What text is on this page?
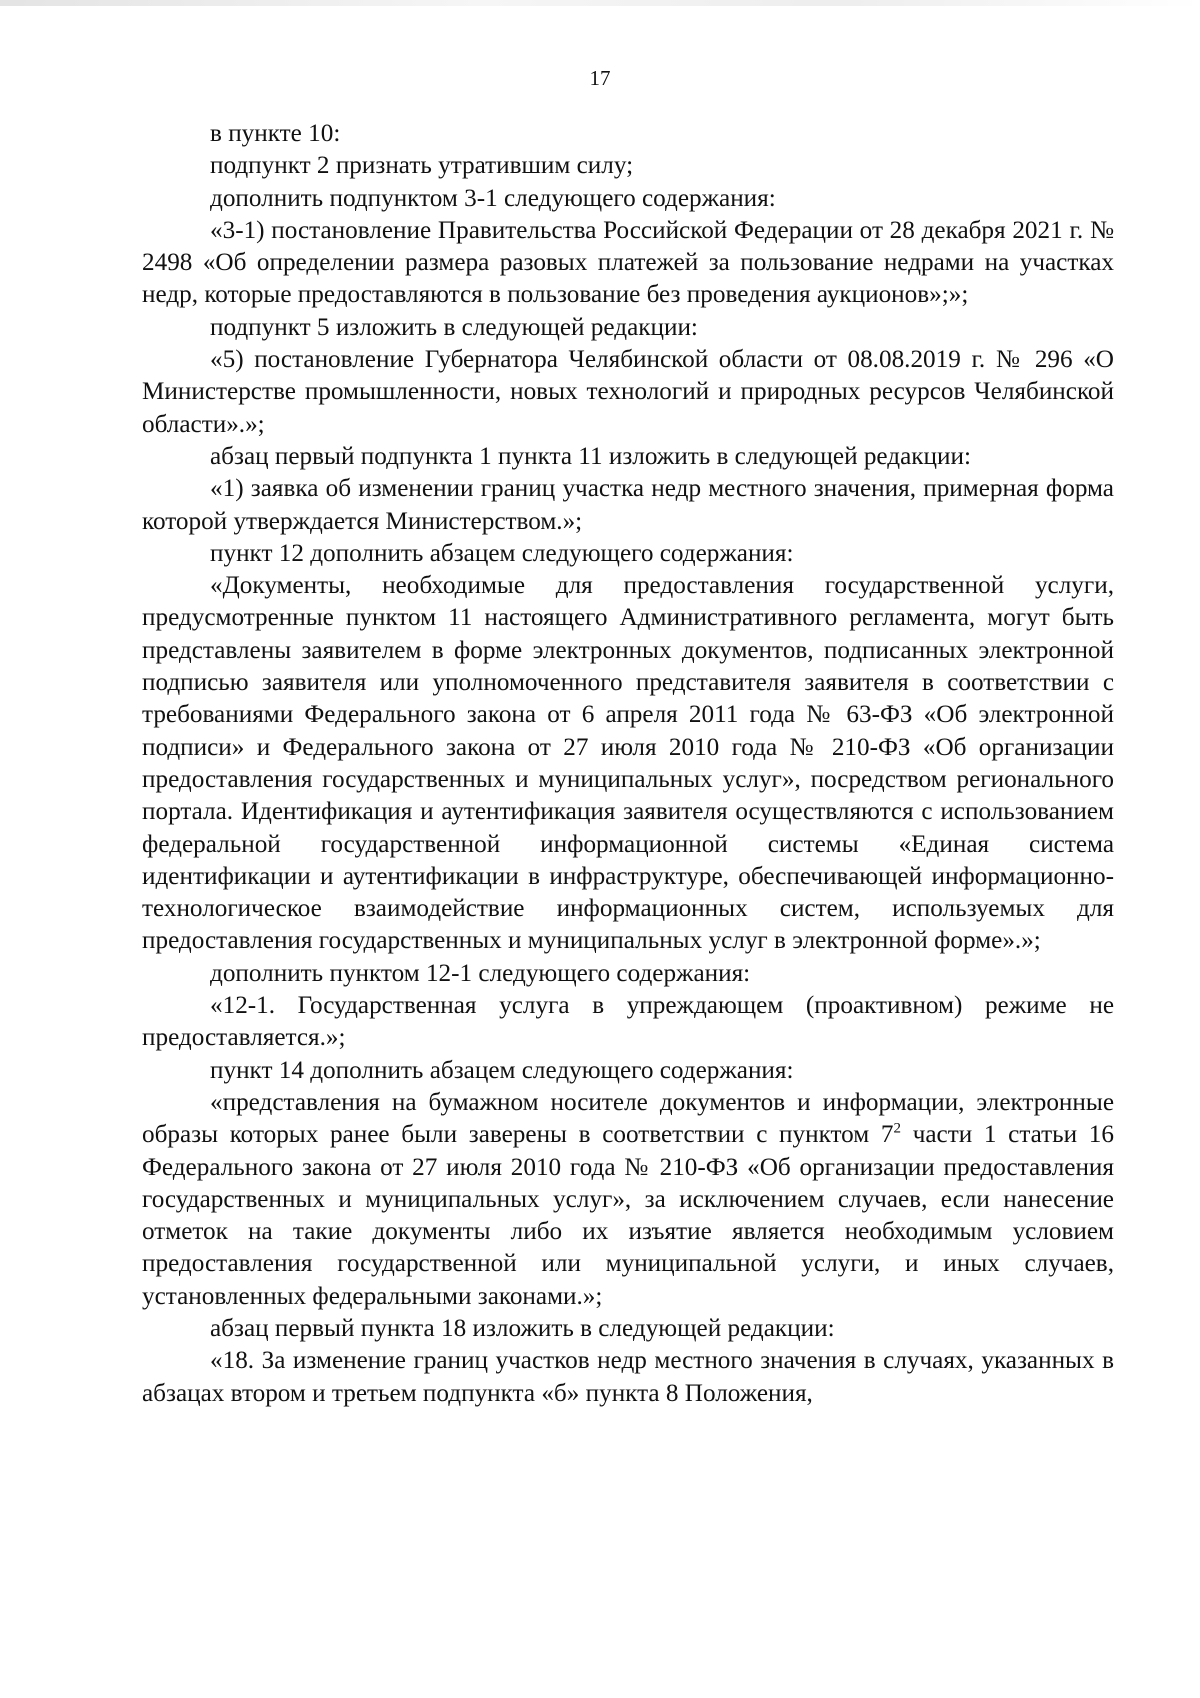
17

в пункте 10:

подпункт 2 признать утратившим силу;

дополнить подпунктом 3-1 следующего содержания:

«3-1) постановление Правительства Российской Федерации от 28 декабря 2021 г. № 2498 «Об определении размера разовых платежей за пользование недрами на участках недр, которые предоставляются в пользование без проведения аукционов»;»;

подпункт 5 изложить в следующей редакции:

«5) постановление Губернатора Челябинской области от 08.08.2019 г. № 296 «О Министерстве промышленности, новых технологий и природных ресурсов Челябинской области».»;

абзац первый подпункта 1 пункта 11 изложить в следующей редакции:

«1) заявка об изменении границ участка недр местного значения, примерная форма которой утверждается Министерством.»;

пункт 12 дополнить абзацем следующего содержания:

«Документы, необходимые для предоставления государственной услуги, предусмотренные пунктом 11 настоящего Административного регламента, могут быть представлены заявителем в форме электронных документов, подписанных электронной подписью заявителя или уполномоченного представителя заявителя в соответствии с требованиями Федерального закона от 6 апреля 2011 года № 63-ФЗ «Об электронной подписи» и Федерального закона от 27 июля 2010 года № 210-ФЗ «Об организации предоставления государственных и муниципальных услуг», посредством регионального портала. Идентификация и аутентификация заявителя осуществляются с использованием федеральной государственной информационной системы «Единая система идентификации и аутентификации в инфраструктуре, обеспечивающей информационно-технологическое взаимодействие информационных систем, используемых для предоставления государственных и муниципальных услуг в электронной форме».»;

дополнить пунктом 12-1 следующего содержания:

«12-1. Государственная услуга в упреждающем (проактивном) режиме не предоставляется.»;

пункт 14 дополнить абзацем следующего содержания:

«представления на бумажном носителе документов и информации, электронные образы которых ранее были заверены в соответствии с пунктом $7^2$ части 1 статьи 16 Федерального закона от 27 июля 2010 года № 210-ФЗ «Об организации предоставления государственных и муниципальных услуг», за исключением случаев, если нанесение отметок на такие документы либо их изъятие является необходимым условием предоставления государственной или муниципальной услуги, и иных случаев, установленных федеральными законами.»;

абзац первый пункта 18 изложить в следующей редакции:

«18. За изменение границ участков недр местного значения в случаях, указанных в абзацах втором и третьем подпункта «б» пункта 8 Положения,
